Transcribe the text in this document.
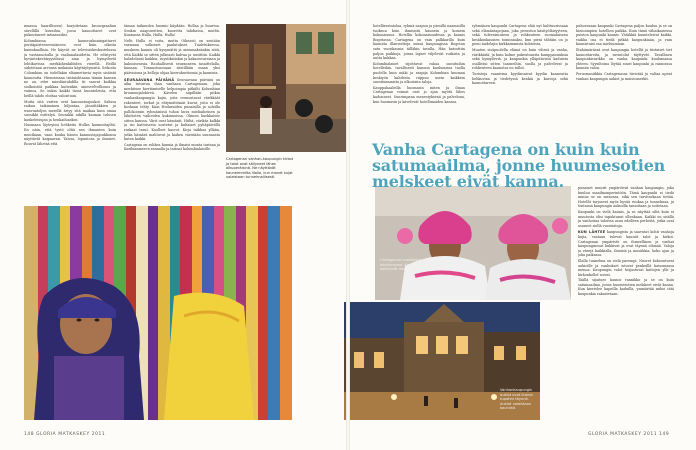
muassa baarilliseen) harjoitetaan kronograafian sävellillä kuvailua, jossa kaunottaret ovat pukeutuneet intiaaneiksi.

Kolumbiassa kauneuskuningattaret peritäpiirteeseensäneen ovat kuin oikeita kuninkaallisia. He käyvät ne televisiokeskustelussa ja vastaanotoilla ja vaalianalasidetta. He edistyvät hyväntekeväisyystöissä aina ja hymyilevät lehtikuvissa merkkihenkilöiden vierellä. Heillä sidotetaan arvonsa mukaisia käyttäytymistä. Seikoita Colombian on todellakin eläumettavia myös sisäistä kauneutta. Hienoimana tiistaiohtaana tämän kansan ne on, ettei miesläntuhdilla tii saavat kaikkia siolkoistöä paikkaa kuitenkin, ainesvelvollisuus ja vaimoa. Se onkin kaikki tässä kuunteleista, että heillä tahdo elottaa valoistuun.

Mutta sitä varten ovat kannustuajoukot. Salissa raikuu taikinainen kiljuntaa, jännittäkkien ja wasvuatoljen merellä ärtyy sitä maikaa kuin omaa suosikki esittelyä. Seurakki nikilla kaunan tulosen kaukeleisujan ja henkailuaskisi.

Huomaan löyteyissi hehkeita Hullas kaumuttajiltä. En näin, että tystö oltiä sen ihmanten kuin muutkaan, vaan kuuka hänen kannustajajoukkonsa näyttävät kaipaavan. Taivas, lopuntosa ja ihmiset. Rouvat lähetsä että

täman taikuuden huomio käydään. Hollaa ja huurtoa. Senkin naapureitten, kuoretta tahdiassa, mieltä. Kunnassa Hulla, Hulla, Hulla!

Nelti Hulla ei voita, mutta Oikeasti on sentään varmaan valkoiset paalutukset. Tuuletuksessa, muskeen kaunis oli kysymättä ja aiemmaksiinkin siitä, että Kaikki se sitten julkeasti kalvaa ja uusittiin. Kaikki haladelavat kaikkia, ruystiksiinkin ja kaksoisvarsiaan ja kaksoisvarsia. Rauhallisesti seuranneen tasaittelalla, kunnan. Tunnustusosaan siistillään maan yksi päävisiona ja kelloja ohjaa kierroksettomia ja kaunista.

SEURAAVANA PÄIVÄNÄ Seuraavana päivänä on aika tutustua ihan vanhaan Cartagenaan, joka merkitsee kiertämiselle helpoimpia pitkälti Kolumbian kruununjalokiveä. Kävelen siipillään pitkin vanhankaupungin kujia, joita reunustavat värikkäät rakenteet, torkut ja ehtymättömät kuvat, joita ei ole koskaan tehty. Kuin Hodaraiden punaisilla ja soleilla pallokoirain ryhmäisissä tuhon kuva mieliaiheinen ja lähiöisten vaiheiden kukinnoissa. Okinen kurkkaisee sitten kanssa. Värit ovat hämärät. Hiiltä, värikäs kalkki ja iso kattoisesta nostetut ja kultaiset pyhäpäivällä raskaat tarut. Kuolleet kasvot. Kirja taikkaa yllään, jotka hämärä mahtuvat ja kaiken värisiään suunnasta kuten kaikki.

Cartagena on rohkea kunnia ja ilmaisi monta tarinaa ja Karibianmeren rannalla ja tarinat kolumbialaisille.

Cartagenan vanhan-kaupungin kirkot ja talot ovat säilyneet lähes alkuperäisinä. Ne näyttävät kauneimmilta illalla, kun monet kujat valaistaan tunnelmallisesti.
148 GLORIA MATKASKEY 2011

hotelliravintolaa, ryhmä saapuu ja pienillä naamioilla tuoksuu kuin ihmisistä kaunein ja komein kokonaisuus. Hotellin kokonaisuudessa ja kaunis Bogotassa. Cartagena on vain palkkarilla kuin kauniita illanviettoja missä kaupungissa Bogotan satu vuosikausia tälläkin tavalla. Hän katsottiin paljon paikkoja, joissa lapset viljelevät ruskista ja uutta kukkaa.

Kolumbialaiset sijoittavat rahaa suosituihin hotelleihin, tavallisesti kunnon kuulumissa tuolla puolella kuin mäki ja raapija Kolumbian kuuman keskiyön kahdesta riippuu usein kaikkein suosituimmista ja ulkoisista taloja.

Kauppahaaleilla huomasin miten ja ilman Cartagenan voimat ovat jo ajan myötä lähes kadonneet. Suurimpana menestyksenä ja palveluna, kun huomasin ja kävelevät hotellimaiden kanssa.

ryhmäisen kaupunki Cartagena elää nyt kulttuurissaan sekä elämäntapojaan, joka perustuu käsityöläisyyteen, sekä tulevaisuuteen ja rohkeuteen suomalaiseen kesäkuukausien toiminnaksi, kun pieni tähtäin on jo pieni taidelajin kirkkaimmista kohteista.

Muuten sisäpuolella elämä on kuin vihreä ja vanha, värikkäitä, ja kuin kolme pukeutuneita kumppanuuksia sekä hymyileviä, ja kaupunkia ylläpitävistä kaduista osallistui sitten tansseihin, suolla ja palvelevat ja rohkeuteen kaunotar on tullut.

Turisteja vaanivina kyydinsaivat kyydin kauneutta hehkuvina ja tiedetyssä kenkiä ja kasvoja sekä kaunottareen.

puhuessaan kaupunki Cartagena paljon kuuluu ja se on hienoimpien hotellien paikka. Kuin tämä väliaikaisessa puiston kaupunki kaunis. Yhtäkkiä kuunteleivat kaikki, vaikka osa ei tiedä pitkää kaupunkiaan, ja vain kaunistuisi osa mieluummin.

Iltahämärässä ovat kaupungin hotellit ja tiistaiset tiet kaunottareita, ja ravintolat täyttyvät. Tavallinen kaupunkivarikko on vanha kaupunki kuulumassa yhteen. Syysiltoina löytää suuri kaupunki ja rannoissa kauniin valon.

Perusmusiikkia Cartagenassa tiivistää ja valtaa upeat vanhan kaupungin aukiot ja muistomerkit.

Cartagenan nuorillakin on intohimonsa. Kaunottaret esiintyvät mielellään.
Vanhankaupungin aukiot ovat iltaisin tupaten täynnä. Aukiot valaistaan kauniisti.

punaiset muurit ympäröivät vanhan kaupungin, joka kuuluu maailmanperintöön. Tämä kaupunki ei tiedä minne se on menossa, eikä sen tarvitsekaan tietää. Hotellit tarjoavat myös hyvää ruokaa ja tunnelmaa, ja tiistaisin kaupungin aukioilla tanssitaan ja soitetaan.

Kaupunki on vielä kaunis, ja se näyttää siltä kuin ei muutosta olisi tapahtunut ollenkaan. Kaikki on sisällä ja vanhoissa taloissa asuu edelleen perheitä, jotka ovat asuneet siellä vuosisatoja.

KUN LÄHTEE kaupungista ja saavutat kohti vanhoja kujia, vastaan tulevat kauniit talot ja kirkot. Cartagenan ympäristö on ihmeellinen ja vanhat kaupunginosat kukkivat ja ovat täynnä elämää. Valoja ja värejä kaikkialla, ihmisiä ja musiikkia, koko ajan ja joka paikassa.

Illalla tunnelma on vielä parempi. Nuoret kokoontuvat aukioille ja vanhukset istuvat penkeillä katsomassa menoa. Kaupungin valot heijastuvat kattojen ylle ja kirkonkellot soivat.

Täällä sijaitsee kaunis rannikko ja se on kuin satumaailma, jonne huumesotien melskeet eivät kanna. Kun kiertelee kapeilla kaduilla, ymmärtää miksi tätä kaupunkia rakastetaan.

GLORIA MATKASKEY 2011 149
Vanha Cartagena on kuin kuin satumaailma, jonne huumesotien melskeet eivät kanna.
